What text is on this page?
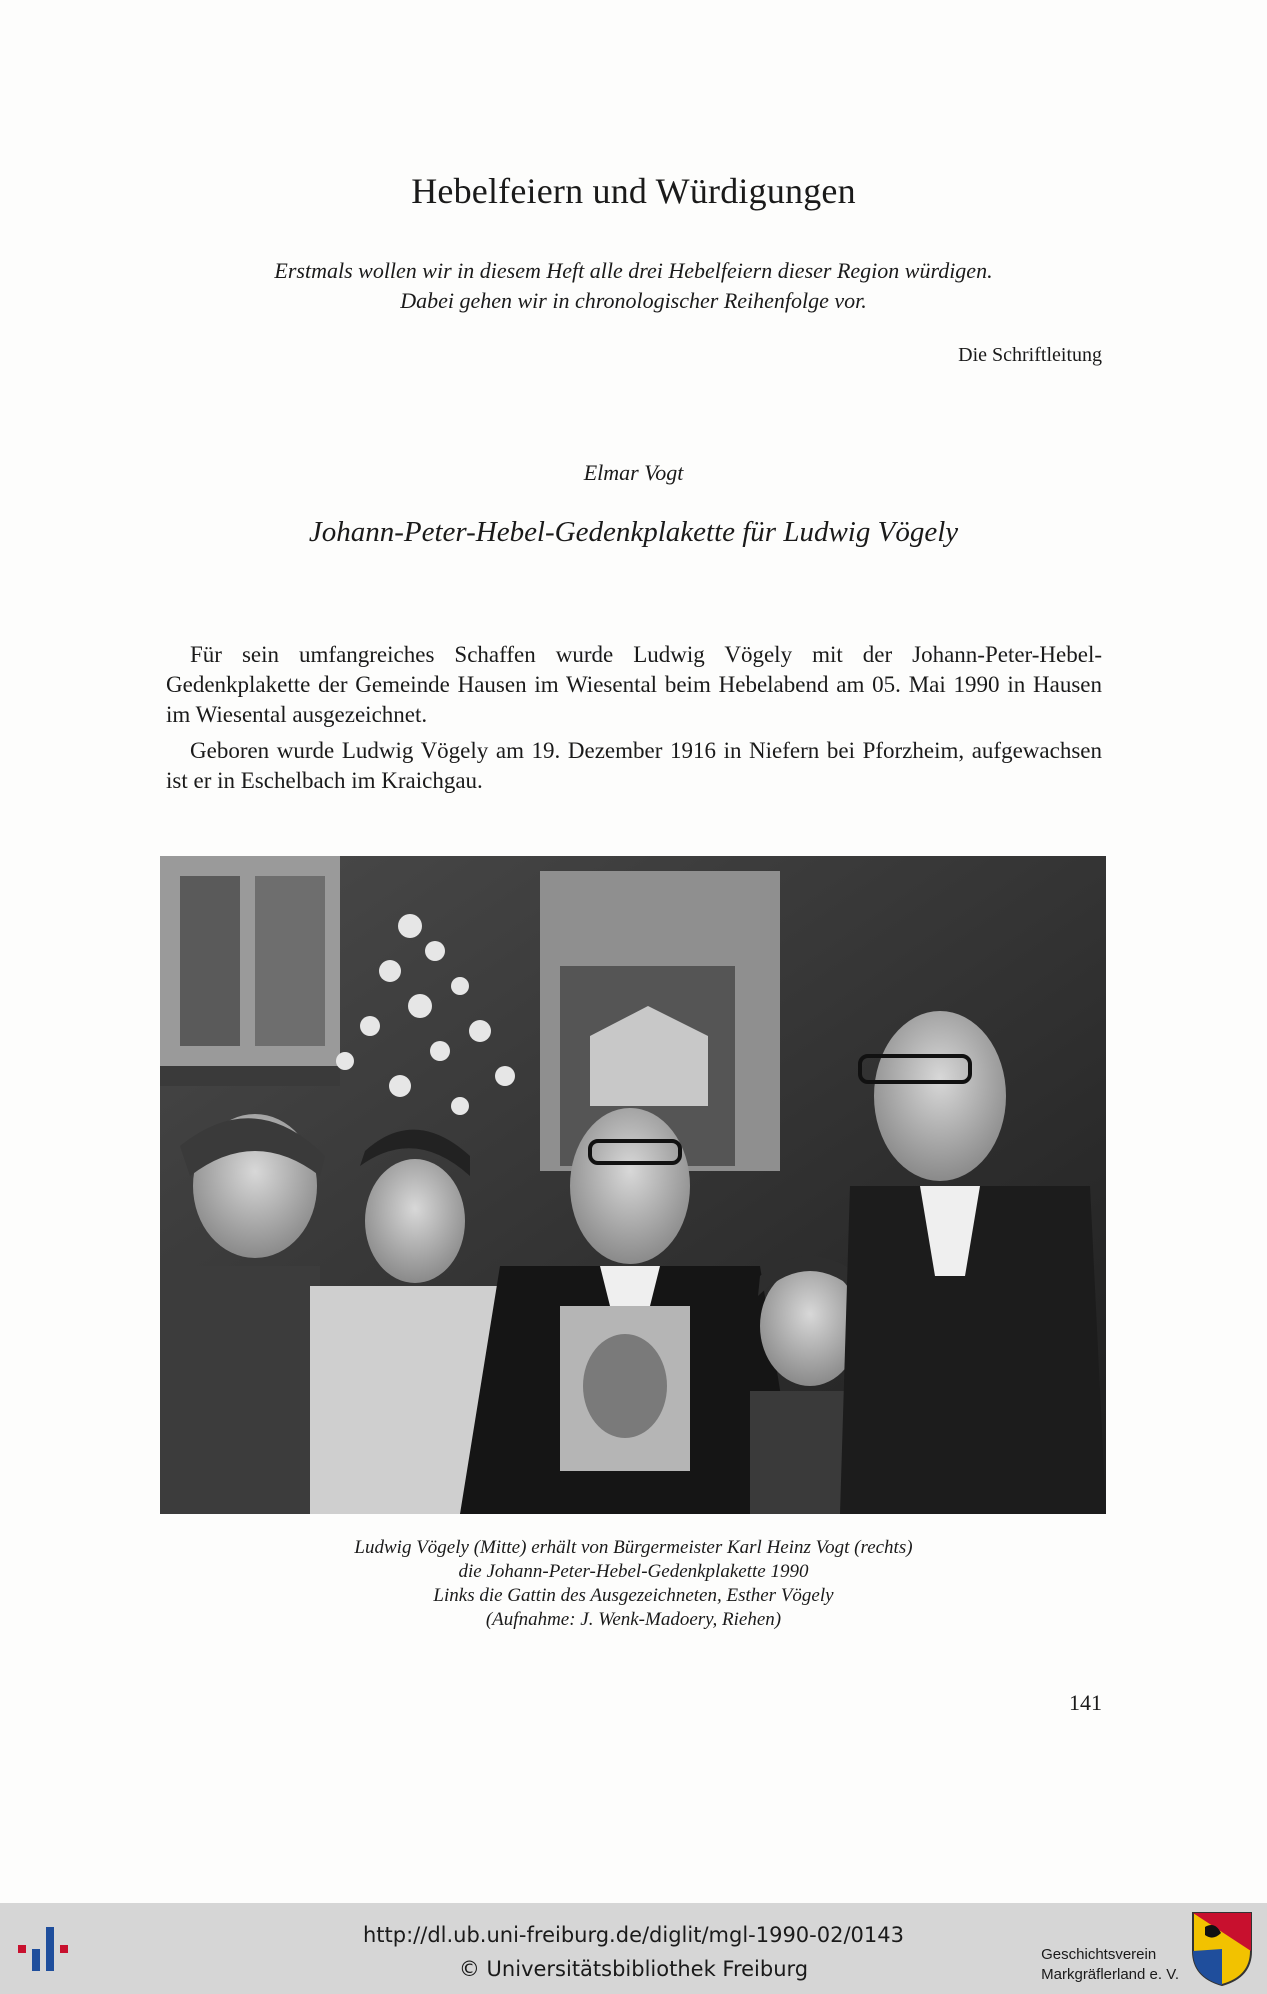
Hebelfeiern und Würdigungen
Erstmals wollen wir in diesem Heft alle drei Hebelfeiern dieser Region würdigen.
Dabei gehen wir in chronologischer Reihenfolge vor.
Die Schriftleitung
Elmar Vogt
Johann-Peter-Hebel-Gedenkplakette für Ludwig Vögely

Für sein umfangreiches Schaffen wurde Ludwig Vögely mit der Johann-Peter-Hebel-Gedenkplakette der Gemeinde Hausen im Wiesental beim Hebelabend am 05. Mai 1990 in Hausen im Wiesental ausgezeichnet.

Geboren wurde Ludwig Vögely am 19. Dezember 1916 in Niefern bei Pforzheim, aufgewachsen ist er in Eschelbach im Kraichgau.

Ludwig Vögely (Mitte) erhält von Bürgermeister Karl Heinz Vogt (rechts)
die Johann-Peter-Hebel-Gedenkplakette 1990
Links die Gattin des Ausgezeichneten, Esther Vögely
(Aufnahme: J. Wenk-Madoery, Riehen)
141
http://dl.ub.uni-freiburg.de/diglit/mgl-1990-02/0143
© Universitätsbibliothek Freiburg
Geschichtsverein
Markgräflerland e. V.
